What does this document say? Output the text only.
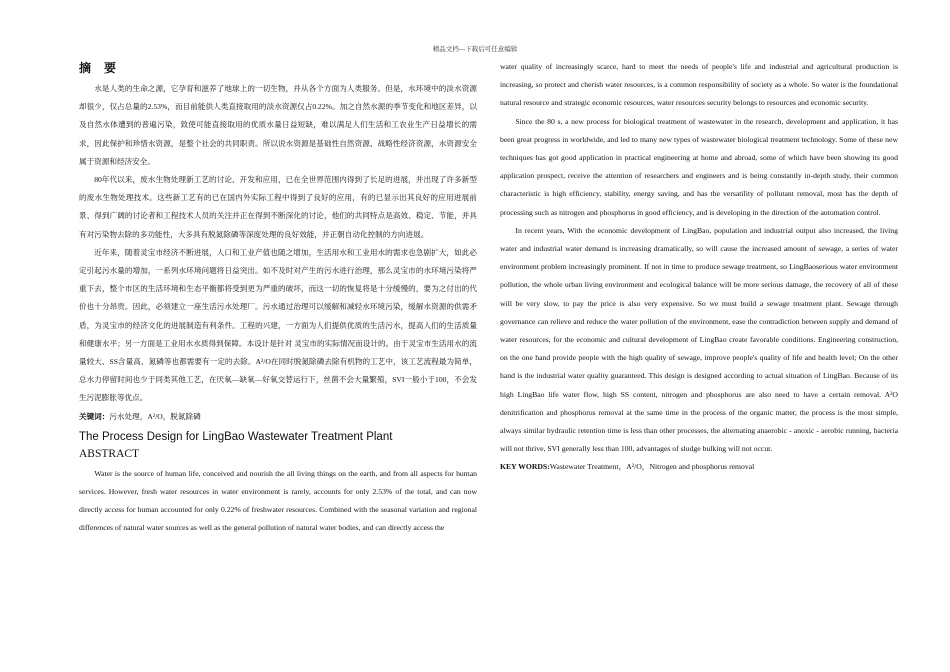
精品文档---下载后可任意编辑
摘 要

水是人类的生命之源，它孕育和滋养了地球上的一切生物，并从各个方面为人类服务。但是，水环境中的淡水资源却很少，仅占总量的2.53%，而目前能供人类直接取用的淡水资源仅占0.22%。加之自然水源的季节变化和地区差异，以及自然水体遭到的普遍污染，致使可能直接取用的优质水量日益短缺，难以满足人们生活和工农业生产日益增长的需求，因此保护和珍惜水资源，是整个社会的共同职责。所以说水资源是基础性自然资源、战略性经济资源，水资源安全属于资源和经济安全。

80年代以来，废水生物处理新工艺的讨论、开发和应用，已在全世界范围内得到了长足的进展，并出现了许多新型的废水生物处理技术。这些新工艺有的已在国内外实际工程中得到了良好的应用，有的已显示出其良好的应用进展前景、得到广阔的讨论者和工程技术人员的关注并正在得到不断深化的讨论，他们的共同特点是高效、稳定、节能，并具有对污染物去除的多功能性，大多具有脱氮除磷等深度处理的良好效能，并正朝自动化控制的方向进展。

近年来，随着灵宝市经济不断进展，人口和工业产值也随之增加，生活用水和工业用水的需求也急剧扩大，如此必定引起污水量的增加，一系列水环境问题将日益突出。如不及时对产生的污水进行治理，那么灵宝市的水环境污染将严重下去，整个市区的生活环境和生态平衡都将受到更为严重的破坏，而这一切的恢复将是十分缓慢的，要为之付出的代价也十分昂贵。因此，必须建立一座生活污水处理厂。污水通过治理可以缓解和减轻水环境污染，缓解水资源的供需矛盾，为灵宝市的经济文化的进展制造有利条件。工程的兴建，一方面为人们提供优质的生活污水，提高人们的生活质量和健康水平；另一方面是工业用水水质得到保障。本设计是针对 灵宝市的实际情况而设计的。由于灵宝市生活用水的流量较大、SS含量高、氮磷等也都需要有一定的去除。A²/O在同时脱氮除磷去除有机物的工艺中，该工艺流程最为简单，总水力停留时间也少于同类其他工艺，在厌氧—缺氧—好氧交替运行下，丝菌不会大量繁殖，SVI一般小于100，不会发生污泥膨胀等优点。

关键词：污水处理，A²/O，脱氮除磷

The Process Design for LingBao Wastewater Treatment Plant
ABSTRACT

Water is the source of human life, conceived and nourish the all living things on the earth, and from all aspects for human services. However, fresh water resources in water environment is rarely, accounts for only 2.53% of the total, and can now directly access for human accounted for only 0.22% of freshwater resources. Combined with the seasonal variation and regional differences of natural water sources as well as the general pollution of natural water bodies, and can directly access the

water quality of increasingly scarce, hard to meet the needs of people's life and industrial and agricultural production is increasing, so protect and cherish water resources, is a common responsibility of society as a whole. So water is the foundational natural resource and strategic economic resources, water resources security belongs to resources and economic security.

Since the 80 s, a new process for biological treatment of wastewater in the research, development and application, it has been great progress in worldwide, and led to many new types of wastewater biological treatment technology. Some of these new techniques has got good application in practical engineering at home and abroad, some of which have been showing its good application prospect, receive the attention of researchers and engineers and is being constantly in-depth study, their common characteristic is high efficiency, stability, energy saving, and has the versatility of pollutant removal, most has the depth of processing such as nitrogen and phosphorus in good efficiency, and is developing in the direction of the automation control.

In recent years, With the economic development of LingBao, population and industrial output also increased, the living water and industrial water demand is increasing dramatically, so will cause the increased amount of sewage, a series of water environment problem increasingly prominent. If not in time to produce sewage treatment, so LingBaoserious water environment pollution, the whole urban living environment and ecological balance will be more serious damage, the recovery of all of these will be very slow, to pay the price is also very expensive. So we must build a sewage treatment plant. Sewage through governance can relieve and reduce the water pollution of the environment, ease the contradiction between supply and demand of water resources, for the economic and cultural development of LingBao create favorable conditions. Engineering construction, on the one hand provide people with the high quality of sewage, improve people's quality of life and health level; On the other hand is the industrial water quality guaranteed. This design is designed according to actual situation of LingBao. Because of its high LingBao life water flow, high SS content, nitrogen and phosphorus are also need to have a certain removal. A²O denitrification and phosphorus removal at the same time in the process of the organic matter, the process is the most simple, always similar hydraulic retention time is less than other processes, the alternating anaerobic - anoxic - aerobic running, bacteria will not thrive, SVI generally less than 100, advantages of sludge bulking will not occur.

KEY WORDS:Wastewater Treatment，A²/O，Nitrogen and phosphorus removal
